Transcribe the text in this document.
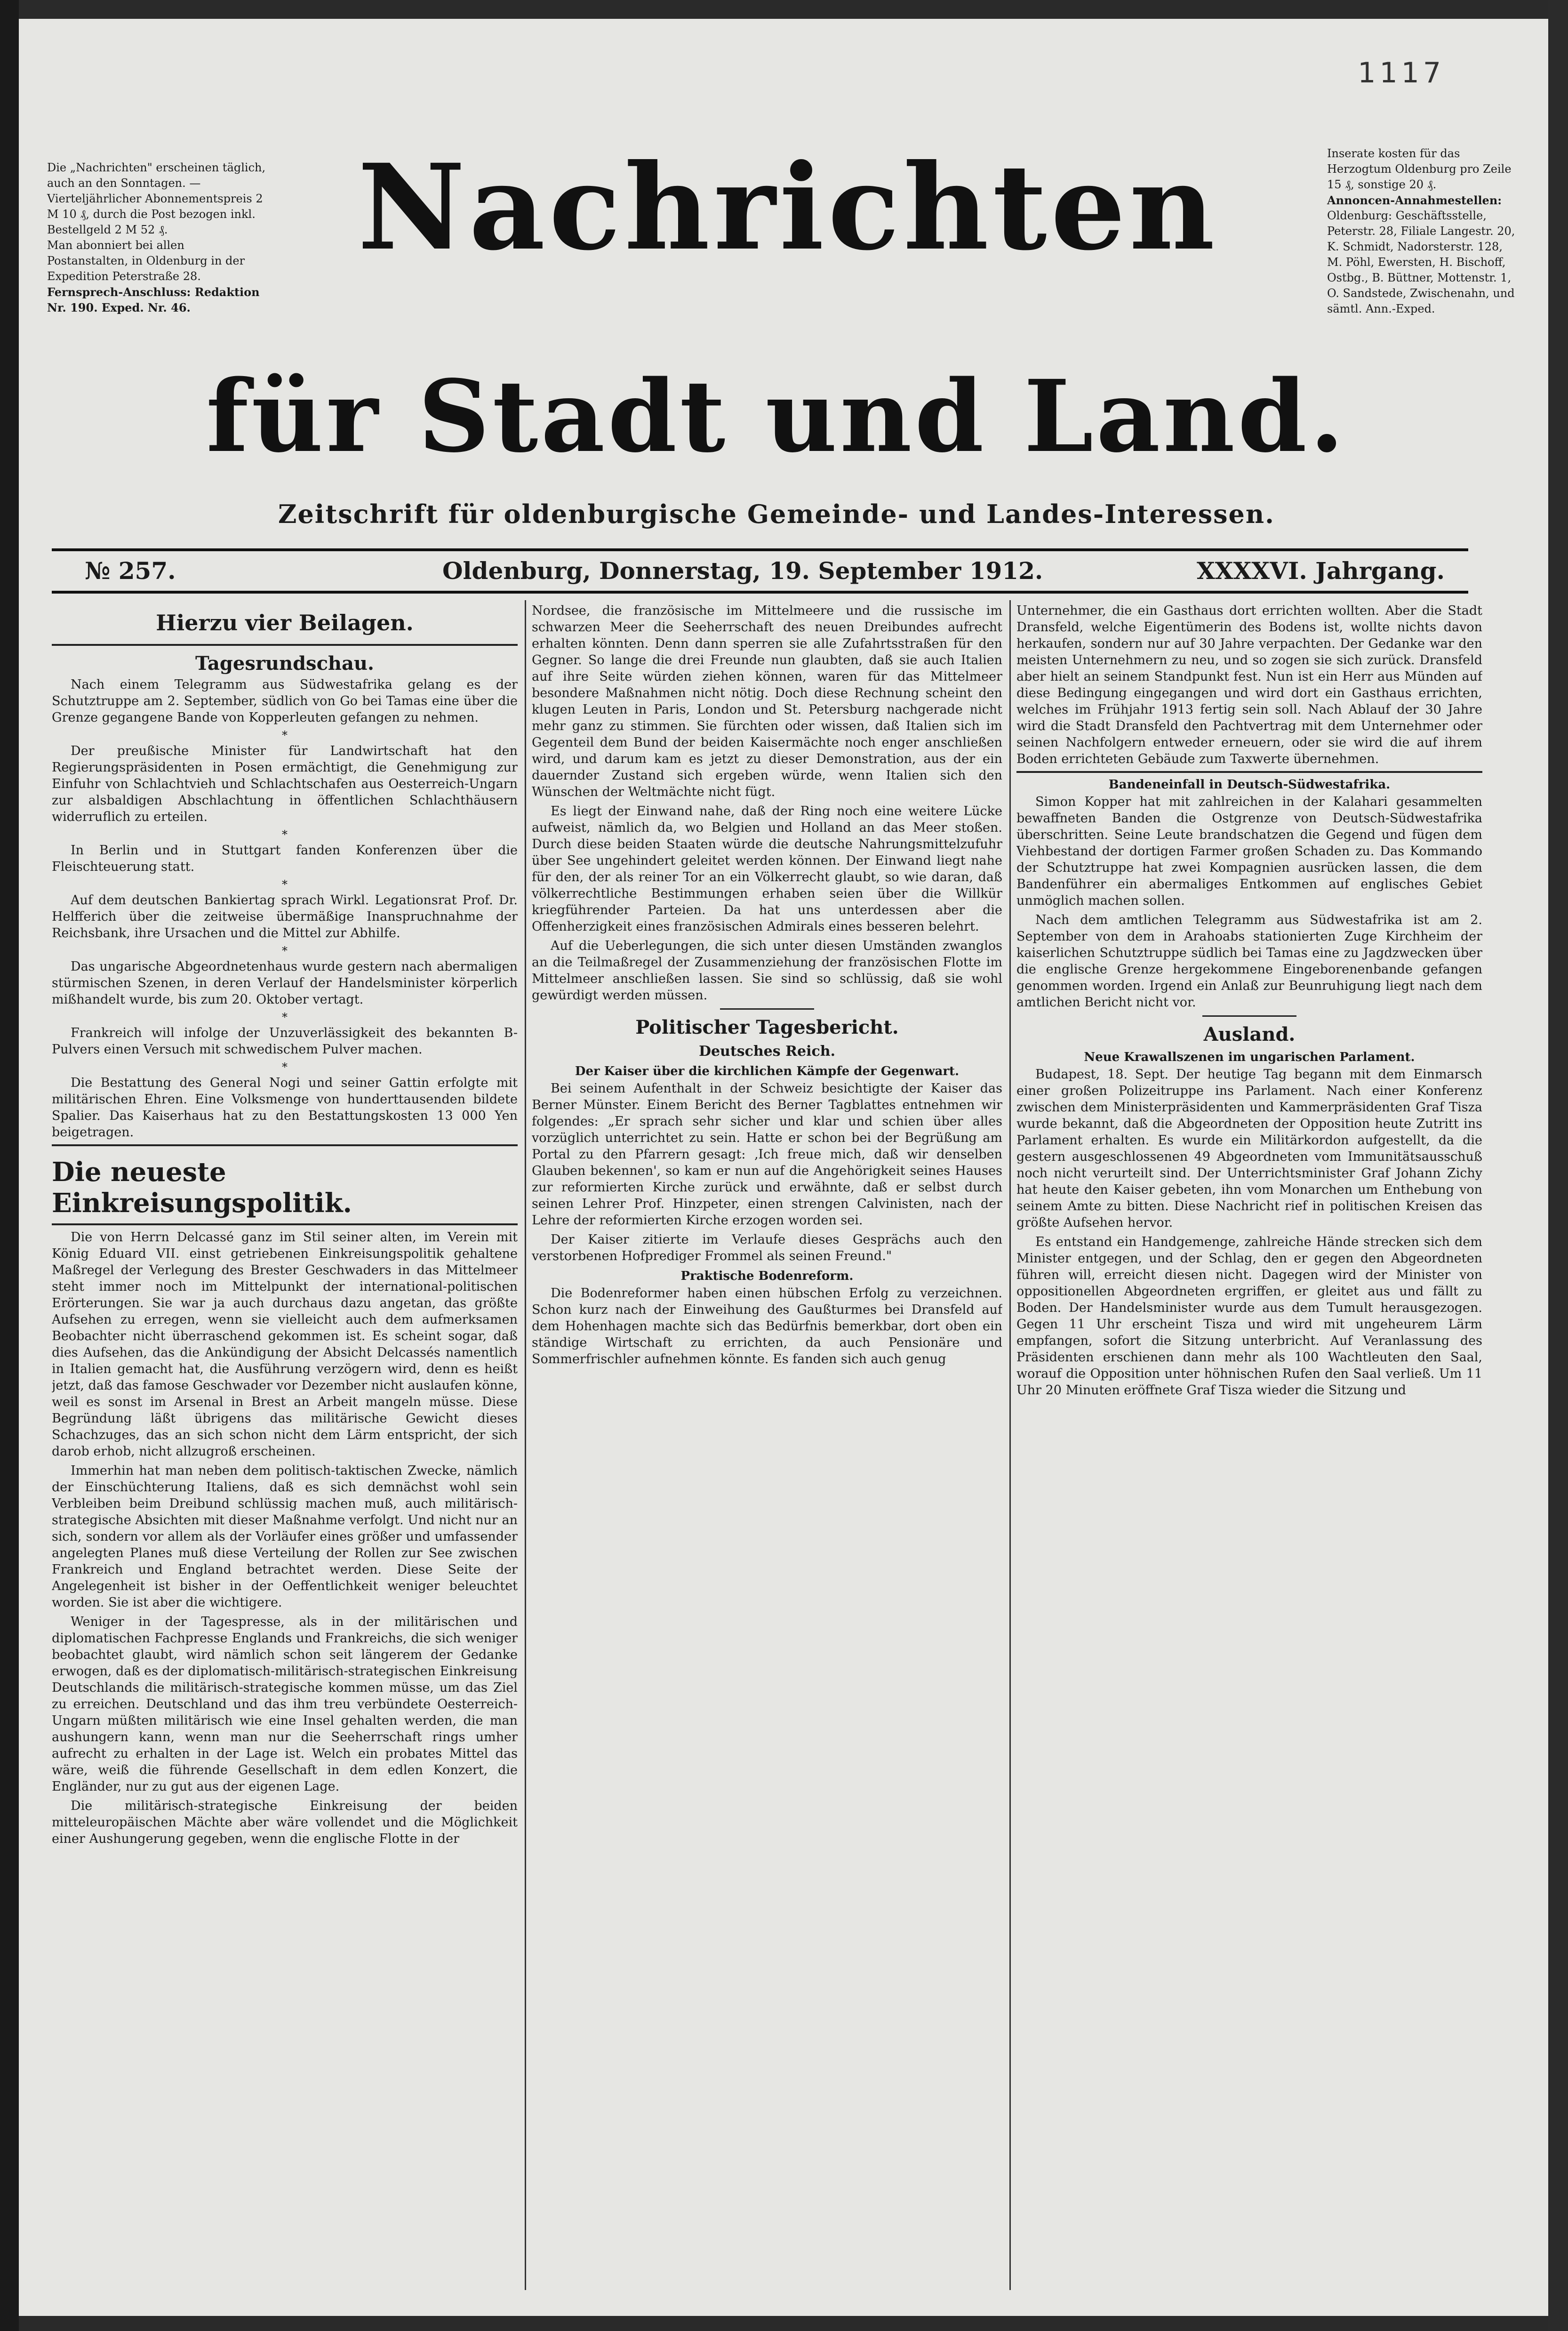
1117
Die „Nachrichten" erscheinen täglich, auch an den Sonntagen. — Vierteljährlicher Abonnementspreis 2 M 10 ₰, durch die Post bezogen inkl. Bestellgeld 2 M 52 ₰.
Man abonniert bei allen Postanstalten, in Oldenburg in der Expedition Peterstraße 28.
Fernsprech-Anschluss: Redaktion Nr. 190. Exped. Nr. 46.
Inserate kosten für das Herzogtum Oldenburg pro Zeile 15 ₰, sonstige 20 ₰.
Annoncen-Annahmestellen:
Oldenburg: Geschäftsstelle, Peterstr. 28, Filiale Langestr. 20, K. Schmidt, Nadorsterstr. 128, M. Pöhl, Ewersten, H. Bischoff, Ostbg., B. Büttner, Mottenstr. 1, O. Sandstede, Zwischenahn, und sämtl. Ann.-Exped.
Nachrichten
für Stadt und Land.
Zeitschrift für oldenburgische Gemeinde- und Landes-Interessen.
№ 257.	Oldenburg, Donnerstag, 19. September 1912.	XXXXVI. Jahrgang.
Hierzu vier Beilagen.
Tagesrundschau.

Nach einem Telegramm aus Südwestafrika gelang es der Schutztruppe am 2. September, südlich von Go bei Tamas eine über die Grenze gegangene Bande von Kopperleuten gefangen zu nehmen.

*

Der preußische Minister für Landwirtschaft hat den Regierungspräsidenten in Posen ermächtigt, die Genehmigung zur Einfuhr von Schlachtvieh und Schlachtschafen aus Oesterreich-Ungarn zur alsbaldigen Abschlachtung in öffentlichen Schlachthäusern widerruflich zu erteilen.

*

In Berlin und in Stuttgart fanden Konferenzen über die Fleischteuerung statt.

*

Auf dem deutschen Bankiertag sprach Wirkl. Legationsrat Prof. Dr. Helfferich über die zeitweise übermäßige Inanspruchnahme der Reichsbank, ihre Ursachen und die Mittel zur Abhilfe.

*

Das ungarische Abgeordnetenhaus wurde gestern nach abermaligen stürmischen Szenen, in deren Verlauf der Handelsminister körperlich mißhandelt wurde, bis zum 20. Oktober vertagt.

*

Frankreich will infolge der Unzuverlässigkeit des bekannten B-Pulvers einen Versuch mit schwedischem Pulver machen.

*

Die Bestattung des General Nogi und seiner Gattin erfolgte mit militärischen Ehren. Eine Volksmenge von hunderttausenden bildete Spalier. Das Kaiserhaus hat zu den Bestattungskosten 13 000 Yen beigetragen.

Die neueste Einkreisungspolitik.

Die von Herrn Delcassé ganz im Stil seiner alten, im Verein mit König Eduard VII. einst getriebenen Einkreisungspolitik gehaltene Maßregel der Verlegung des Brester Geschwaders in das Mittelmeer steht immer noch im Mittelpunkt der international-politischen Erörterungen. Sie war ja auch durchaus dazu angetan, das größte Aufsehen zu erregen, wenn sie vielleicht auch dem aufmerksamen Beobachter nicht überraschend gekommen ist. Es scheint sogar, daß dies Aufsehen, das die Ankündigung der Absicht Delcassés namentlich in Italien gemacht hat, die Ausführung verzögern wird, denn es heißt jetzt, daß das famose Geschwader vor Dezember nicht auslaufen könne, weil es sonst im Arsenal in Brest an Arbeit mangeln müsse. Diese Begründung läßt übrigens das militärische Gewicht dieses Schachzuges, das an sich schon nicht dem Lärm entspricht, der sich darob erhob, nicht allzugroß erscheinen.

Immerhin hat man neben dem politisch-taktischen Zwecke, nämlich der Einschüchterung Italiens, daß es sich demnächst wohl sein Verbleiben beim Dreibund schlüssig machen muß, auch militärisch-strategische Absichten mit dieser Maßnahme verfolgt. Und nicht nur an sich, sondern vor allem als der Vorläufer eines größer und umfassender angelegten Planes muß diese Verteilung der Rollen zur See zwischen Frankreich und England betrachtet werden. Diese Seite der Angelegenheit ist bisher in der Oeffentlichkeit weniger beleuchtet worden. Sie ist aber die wichtigere.

Weniger in der Tagespresse, als in der militärischen und diplomatischen Fachpresse Englands und Frankreichs, die sich weniger beobachtet glaubt, wird nämlich schon seit längerem der Gedanke erwogen, daß es der diplomatisch-militärisch-strategischen Einkreisung Deutschlands die militärisch-strategische kommen müsse, um das Ziel zu erreichen. Deutschland und das ihm treu verbündete Oesterreich-Ungarn müßten militärisch wie eine Insel gehalten werden, die man aushungern kann, wenn man nur die Seeherrschaft rings umher aufrecht zu erhalten in der Lage ist. Welch ein probates Mittel das wäre, weiß die führende Gesellschaft in dem edlen Konzert, die Engländer, nur zu gut aus der eigenen Lage.

Die militärisch-strategische Einkreisung der beiden mitteleuropäischen Mächte aber wäre vollendet und die Möglichkeit einer Aushungerung gegeben, wenn die englische Flotte in der

Nordsee, die französische im Mittelmeere und die russische im schwarzen Meer die Seeherrschaft des neuen Dreibundes aufrecht erhalten könnten. Denn dann sperren sie alle Zufahrtsstraßen für den Gegner. So lange die drei Freunde nun glaubten, daß sie auch Italien auf ihre Seite würden ziehen können, waren für das Mittelmeer besondere Maßnahmen nicht nötig. Doch diese Rechnung scheint den klugen Leuten in Paris, London und St. Petersburg nachgerade nicht mehr ganz zu stimmen. Sie fürchten oder wissen, daß Italien sich im Gegenteil dem Bund der beiden Kaisermächte noch enger anschließen wird, und darum kam es jetzt zu dieser Demonstration, aus der ein dauernder Zustand sich ergeben würde, wenn Italien sich den Wünschen der Weltmächte nicht fügt.

Es liegt der Einwand nahe, daß der Ring noch eine weitere Lücke aufweist, nämlich da, wo Belgien und Holland an das Meer stoßen. Durch diese beiden Staaten würde die deutsche Nahrungsmittelzufuhr über See ungehindert geleitet werden können. Der Einwand liegt nahe für den, der als reiner Tor an ein Völkerrecht glaubt, so wie daran, daß völkerrechtliche Bestimmungen erhaben seien über die Willkür kriegführender Parteien. Da hat uns unterdessen aber die Offenherzigkeit eines französischen Admirals eines besseren belehrt.

Auf die Ueberlegungen, die sich unter diesen Umständen zwanglos an die Teilmaßregel der Zusammenziehung der französischen Flotte im Mittelmeer anschließen lassen. Sie sind so schlüssig, daß sie wohl gewürdigt werden müssen.

Politischer Tagesbericht.
Deutsches Reich.
Der Kaiser über die kirchlichen Kämpfe der Gegenwart.

Bei seinem Aufenthalt in der Schweiz besichtigte der Kaiser das Berner Münster. Einem Bericht des Berner Tagblattes entnehmen wir folgendes: „Er sprach sehr sicher und klar und schien über alles vorzüglich unterrichtet zu sein. Hatte er schon bei der Begrüßung am Portal zu den Pfarrern gesagt: ‚Ich freue mich, daß wir denselben Glauben bekennen', so kam er nun auf die Angehörigkeit seines Hauses zur reformierten Kirche zurück und erwähnte, daß er selbst durch seinen Lehrer Prof. Hinzpeter, einen strengen Calvinisten, nach der Lehre der reformierten Kirche erzogen worden sei.

Der Kaiser zitierte im Verlaufe dieses Gesprächs auch den verstorbenen Hofprediger Frommel als seinen Freund."

Praktische Bodenreform.

Die Bodenreformer haben einen hübschen Erfolg zu verzeichnen. Schon kurz nach der Einweihung des Gaußturmes bei Dransfeld auf dem Hohenhagen machte sich das Bedürfnis bemerkbar, dort oben ein ständige Wirtschaft zu errichten, da auch Pensionäre und Sommerfrischler aufnehmen könnte. Es fanden sich auch genug

Unternehmer, die ein Gasthaus dort errichten wollten. Aber die Stadt Dransfeld, welche Eigentümerin des Bodens ist, wollte nichts davon herkaufen, sondern nur auf 30 Jahre verpachten. Der Gedanke war den meisten Unternehmern zu neu, und so zogen sie sich zurück. Dransfeld aber hielt an seinem Standpunkt fest. Nun ist ein Herr aus Münden auf diese Bedingung eingegangen und wird dort ein Gasthaus errichten, welches im Frühjahr 1913 fertig sein soll. Nach Ablauf der 30 Jahre wird die Stadt Dransfeld den Pachtvertrag mit dem Unternehmer oder seinen Nachfolgern entweder erneuern, oder sie wird die auf ihrem Boden errichteten Gebäude zum Taxwerte übernehmen.

Bandeneinfall in Deutsch-Südwestafrika.

Simon Kopper hat mit zahlreichen in der Kalahari gesammelten bewaffneten Banden die Ostgrenze von Deutsch-Südwestafrika überschritten. Seine Leute brandschatzen die Gegend und fügen dem Viehbestand der dortigen Farmer großen Schaden zu. Das Kommando der Schutztruppe hat zwei Kompagnien ausrücken lassen, die dem Bandenführer ein abermaliges Entkommen auf englisches Gebiet unmöglich machen sollen.

Nach dem amtlichen Telegramm aus Südwestafrika ist am 2. September von dem in Arahoabs stationierten Zuge Kirchheim der kaiserlichen Schutztruppe südlich bei Tamas eine zu Jagdzwecken über die englische Grenze hergekommene Eingeborenenbande gefangen genommen worden. Irgend ein Anlaß zur Beunruhigung liegt nach dem amtlichen Bericht nicht vor.

Ausland.
Neue Krawallszenen im ungarischen Parlament.

Budapest, 18. Sept. Der heutige Tag begann mit dem Einmarsch einer großen Polizeitruppe ins Parlament. Nach einer Konferenz zwischen dem Ministerpräsidenten und Kammerpräsidenten Graf Tisza wurde bekannt, daß die Abgeordneten der Opposition heute Zutritt ins Parlament erhalten. Es wurde ein Militärkordon aufgestellt, da die gestern ausgeschlossenen 49 Abgeordneten vom Immunitätsausschuß noch nicht verurteilt sind. Der Unterrichtsminister Graf Johann Zichy hat heute den Kaiser gebeten, ihn vom Monarchen um Enthebung von seinem Amte zu bitten. Diese Nachricht rief in politischen Kreisen das größte Aufsehen hervor.

Es entstand ein Handgemenge, zahlreiche Hände strecken sich dem Minister entgegen, und der Schlag, den er gegen den Abgeordneten führen will, erreicht diesen nicht. Dagegen wird der Minister von oppositionellen Abgeordneten ergriffen, er gleitet aus und fällt zu Boden. Der Handelsminister wurde aus dem Tumult herausgezogen. Gegen 11 Uhr erscheint Tisza und wird mit ungeheurem Lärm empfangen, sofort die Sitzung unterbricht. Auf Veranlassung des Präsidenten erschienen dann mehr als 100 Wachtleuten den Saal, worauf die Opposition unter höhnischen Rufen den Saal verließ. Um 11 Uhr 20 Minuten eröffnete Graf Tisza wieder die Sitzung und
